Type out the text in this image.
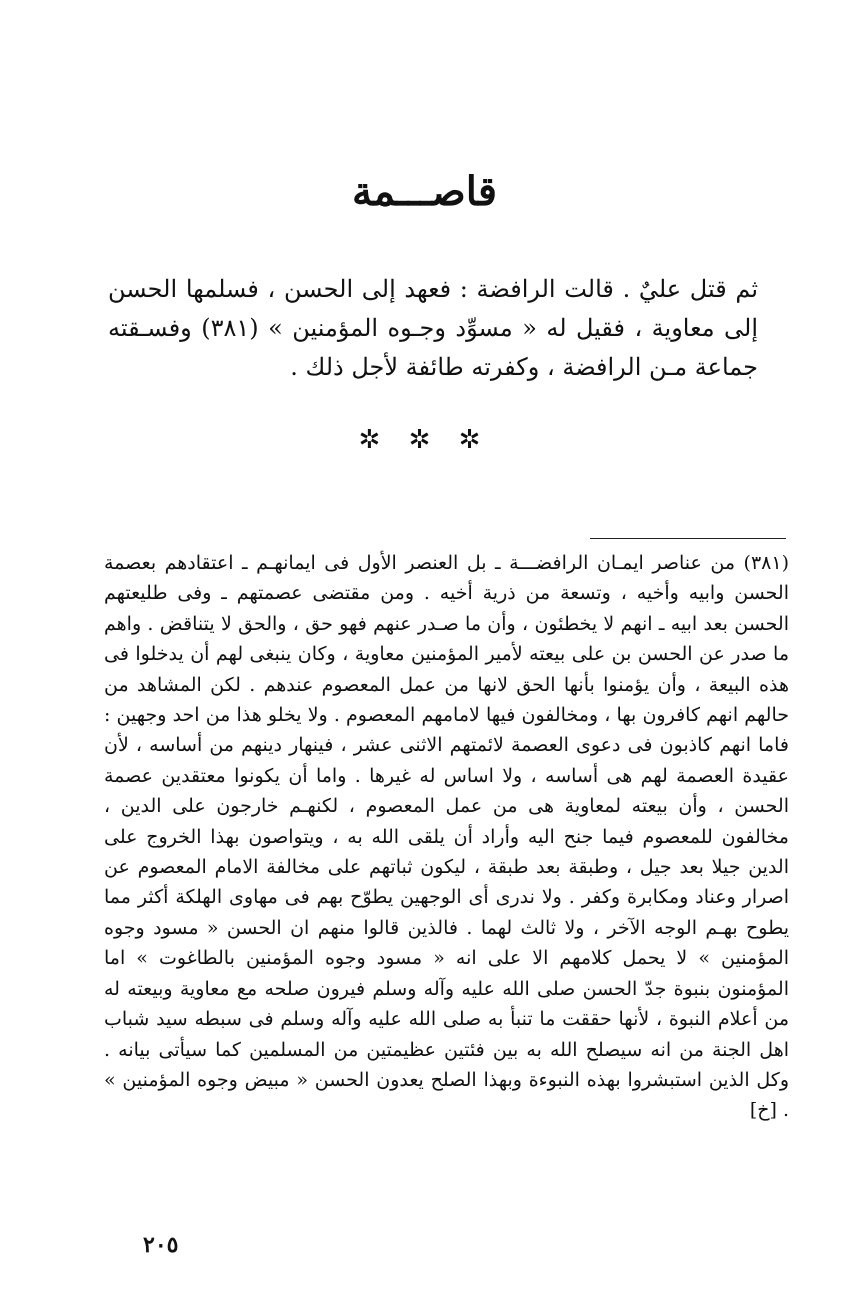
قاصـــمة

ثم قتل عليٌ . قالت الرافضة : فعهد إلى الحسن ، فسلمها الحسن إلى معاوية ، فقيل له « مسوِّد وجـوه المؤمنين » (٣٨١) وفسـقته جماعة مـن الرافضة ، وكفرته طائفة لأجل ذلك .

✲ ✲ ✲

(٣٨١) من عناصر ايمـان الرافضـــة ـ بل العنصر الأول فى ايمانهـم ـ اعتقادهم بعصمة الحسن وابيه وأخيه ، وتسعة من ذرية أخيه . ومن مقتضى عصمتهم ـ وفى طليعتهم الحسن بعد ابيه ـ انهم لا يخطئون ، وأن ما صـدر عنهم فهو حق ، والحق لا يتناقض . واهم ما صدر عن الحسن بن على بيعته لأمير المؤمنين معاوية ، وكان ينبغى لهم أن يدخلوا فى هذه البيعة ، وأن يؤمنوا بأنها الحق لانها من عمل المعصوم عندهم . لكن المشاهد من حالهم انهم كافرون بها ، ومخالفون فيها لامامهم المعصوم . ولا يخلو هذا من احد وجهين : فاما انهم كاذبون فى دعوى العصمة لائمتهم الاثنى عشر ، فينهار دينهم من أساسه ، لأن عقيدة العصمة لهم هى أساسه ، ولا اساس له غيرها . واما أن يكونوا معتقدين عصمة الحسن ، وأن بيعته لمعاوية هى من عمل المعصوم ، لكنهـم خارجون على الدين ، مخالفون للمعصوم فيما جنح اليه وأراد أن يلقى الله به ، ويتواصون بهذا الخروج على الدين جيلا بعد جيل ، وطبقة بعد طبقة ، ليكون ثباتهم على مخالفة الامام المعصوم عن اصرار وعناد ومكابرة وكفر . ولا ندرى أى الوجهين يطوّح بهم فى مهاوى الهلكة أكثر مما يطوح بهـم الوجه الآخر ، ولا ثالث لهما . فالذين قالوا منهم ان الحسن « مسود وجوه المؤمنين » لا يحمل كلامهم الا على انه « مسود وجوه المؤمنين بالطاغوت » اما المؤمنون بنبوة جدّ الحسن صلى الله عليه وآله وسلم فيرون صلحه مع معاوية وبيعته له من أعلام النبوة ، لأنها حققت ما تنبأ به صلى الله عليه وآله وسلم فى سبطه سيد شباب اهل الجنة من انه سيصلح الله به بين فئتين عظيمتين من المسلمين كما سيأتى بيانه . وكل الذين استبشروا بهذه النبوءة وبهذا الصلح يعدون الحسن « مبيض وجوه المؤمنين » . [خ]

٢٠٥
